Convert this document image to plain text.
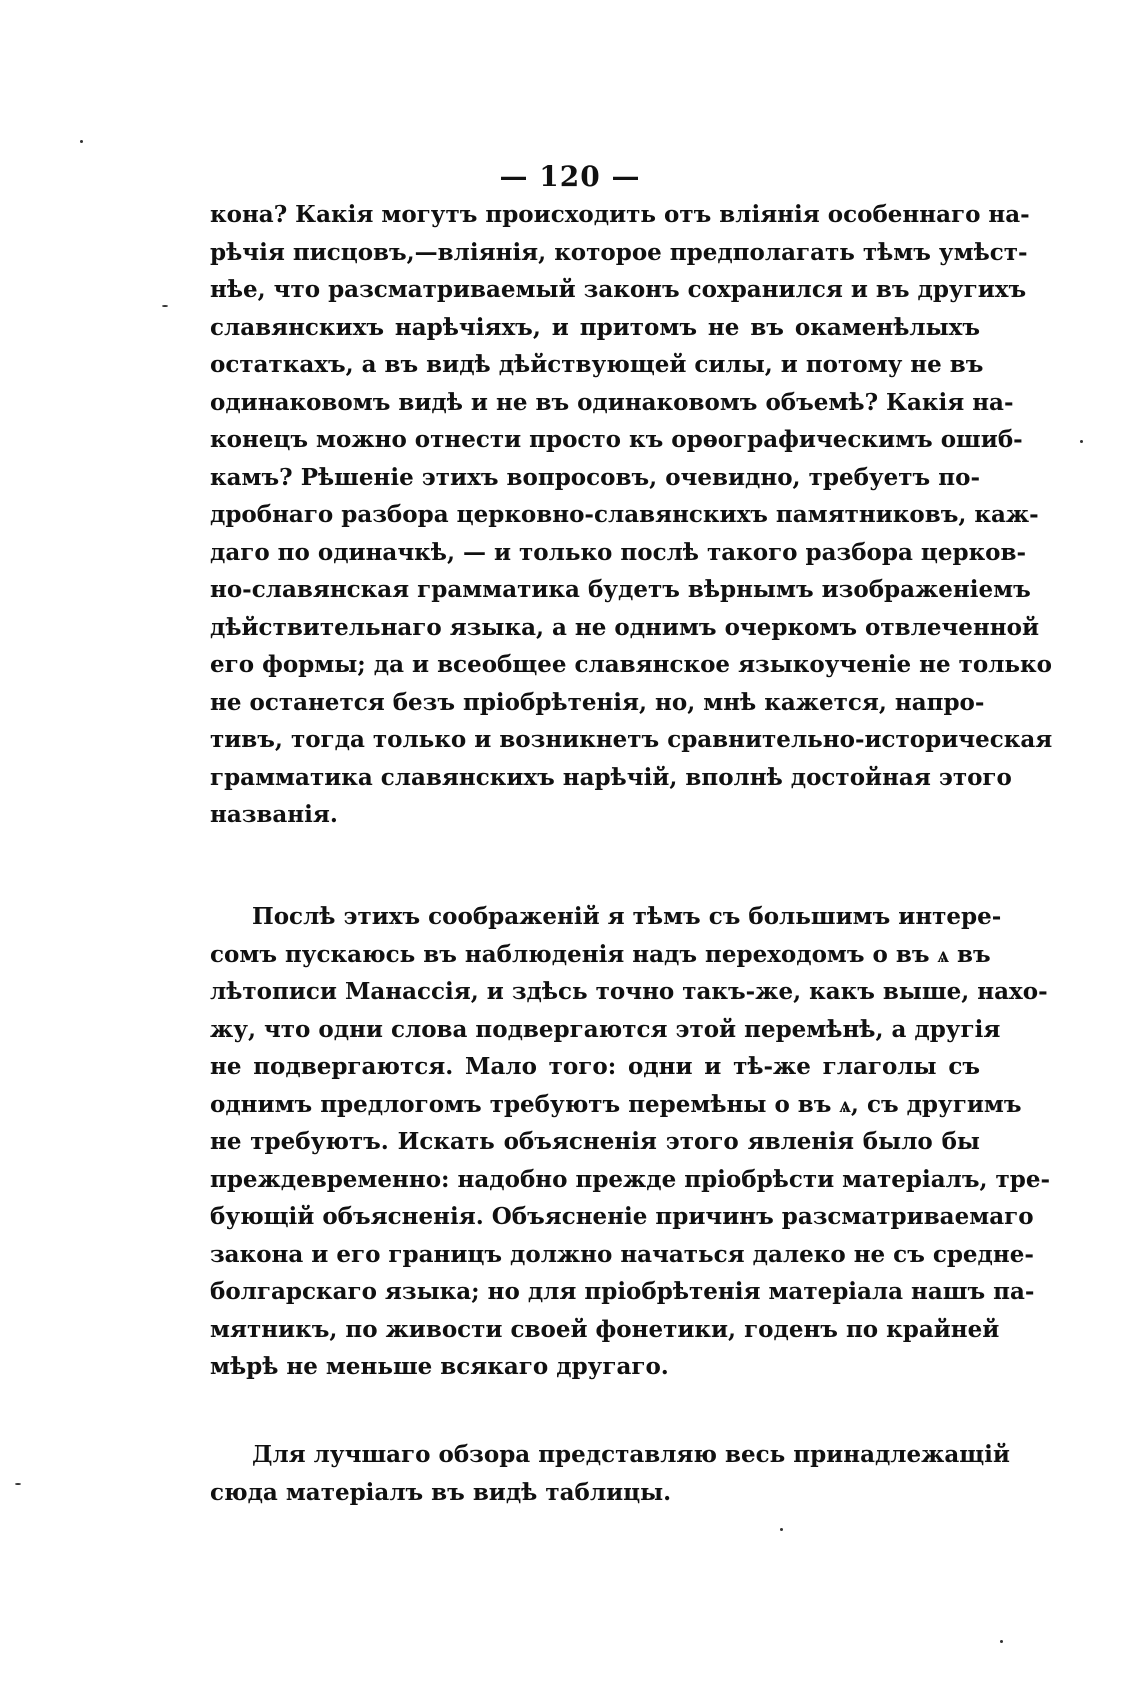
— 120 —
кона? Какія могутъ происходить отъ вліянія особеннаго на-
рѣчія писцовъ,—вліянія, которое предполагать тѣмъ умѣст-
нѣе, что разсматриваемый законъ сохранился и въ другихъ
славянскихъ нарѣчіяхъ, и притомъ не въ окаменѣлыхъ
остаткахъ, а въ видѣ дѣйствующей силы, и потому не въ
одинаковомъ видѣ и не въ одинаковомъ объемѣ? Какія на-
конецъ можно отнести просто къ орѳографическимъ ошиб-
камъ? Рѣшеніе этихъ вопросовъ, очевидно, требуетъ по-
дробнаго разбора церковно-славянскихъ памятниковъ, каж-
даго по одиначкѣ, — и только послѣ такого разбора церков-
но-славянская грамматика будетъ вѣрнымъ изображеніемъ
дѣйствительнаго языка, а не однимъ очеркомъ отвлеченной
его формы; да и всеобщее славянское языкоученіе не только
не останется безъ пріобрѣтенія, но, мнѣ кажется, напро-
тивъ, тогда только и возникнетъ сравнительно-историческая
грамматика славянскихъ нарѣчій, вполнѣ достойная этого
названія.
Послѣ этихъ соображеній я тѣмъ съ большимъ интере-
сомъ пускаюсь въ наблюденія надъ переходомъ о въ ѧ въ
лѣтописи Манассія, и здѣсь точно такъ-же, какъ выше, нахо-
жу, что одни слова подвергаются этой перемѣнѣ, а другія
не подвергаются. Мало того: одни и тѣ-же глаголы съ
однимъ предлогомъ требуютъ перемѣны о въ ѧ, съ другимъ
не требуютъ. Искать объясненія этого явленія было бы
преждевременно: надобно прежде пріобрѣсти матеріалъ, тре-
бующій объясненія. Объясненіе причинъ разсматриваемаго
закона и его границъ должно начаться далеко не съ средне-
болгарскаго языка; но для пріобрѣтенія матеріала нашъ па-
мятникъ, по живости своей фонетики, годенъ по крайней
мѣрѣ не меньше всякаго другаго.
Для лучшаго обзора представляю весь принадлежащій
сюда матеріалъ въ видѣ таблицы.
